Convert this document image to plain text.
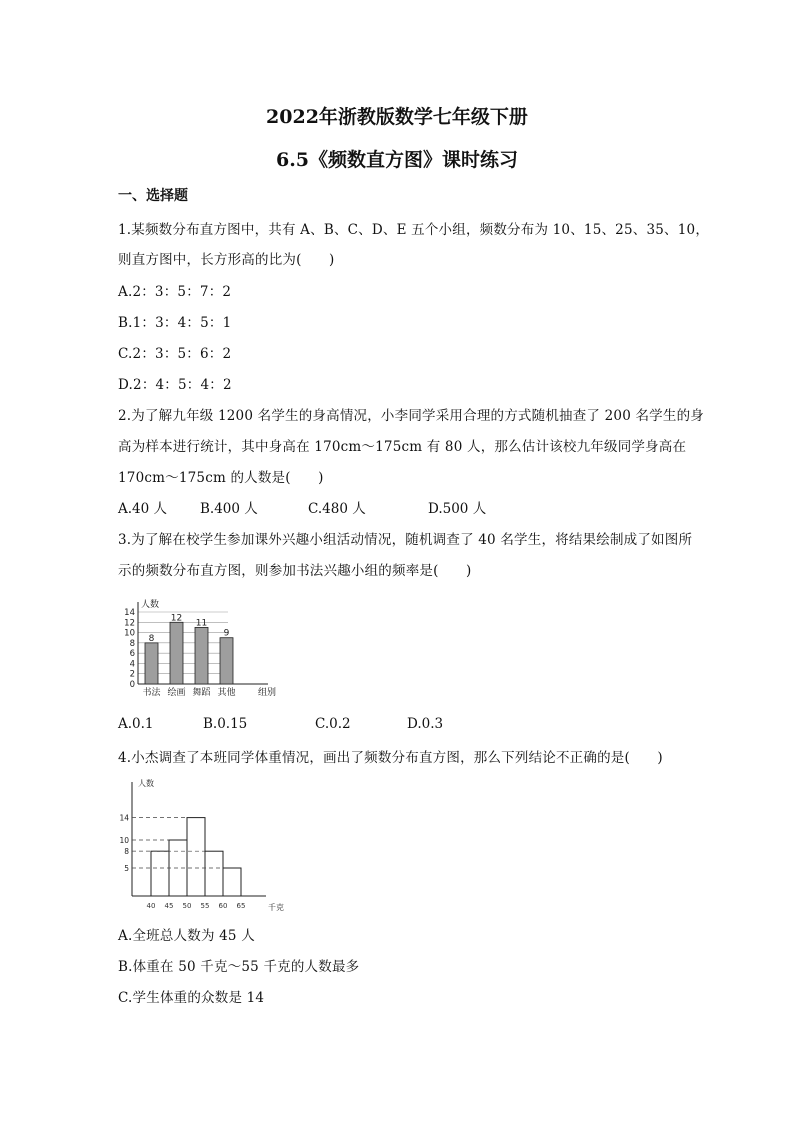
2022年浙教版数学七年级下册
6.5《频数直方图》课时练习
一、选择题
1.某频数分布直方图中，共有 A、B、C、D、E 五个小组，频数分布为 10、15、25、35、10，
则直方图中，长方形高的比为(　　)
A.2：3：5：7：2
B.1：3：4：5：1
C.2：3：5：6：2
D.2：4：5：4：2
2.为了解九年级 1200 名学生的身高情况，小李同学采用合理的方式随机抽查了 200 名学生的身
高为样本进行统计，其中身高在 170cm～175cm 有 80 人，那么估计该校九年级同学身高在
170cm～175cm 的人数是(　　)
A.40 人 B.400 人	C.480 人	D.500 人
3.为了解在校学生参加课外兴趣小组活动情况，随机调查了 40 名学生，将结果绘制成了如图所
示的频数分布直方图，则参加书法兴趣小组的频率是(　　)
0
2
4
6
8
10
12
14
人数
组别
8
书法
12
绘画
11
舞蹈
9
其他
A.0.1	B.0.15	C.0.2	D.0.3
4.小杰调查了本班同学体重情况，画出了频数分布直方图，那么下列结论不正确的是(　　)
人数
千克
5
8
10
14
40 45 50 55 60 65
A.全班总人数为 45 人
B.体重在 50 千克～55 千克的人数最多
C.学生体重的众数是 14
